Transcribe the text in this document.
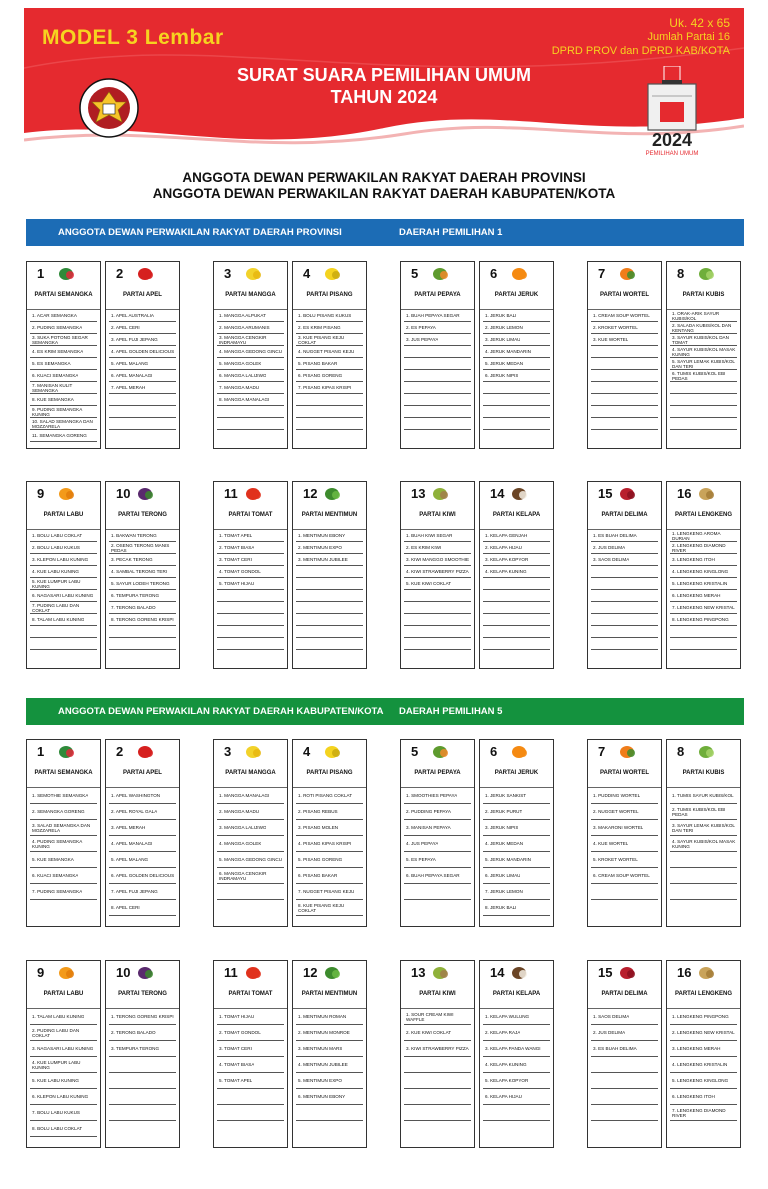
MODEL 3 Lembar
Uk. 42 x 65
Jumlah Partai 16
DPRD PROV dan DPRD KAB/KOTA
SURAT SUARA PEMILIHAN UMUM
TAHUN 2024
2024
PEMILIHAN UMUM
ANGGOTA DEWAN PERWAKILAN RAKYAT DAERAH PROVINSI
ANGGOTA DEWAN PERWAKILAN RAKYAT DAERAH KABUPATEN/KOTA
ANGGOTA DEWAN PERWAKILAN RAKYAT DAERAH PROVINSI	DAERAH PEMILIHAN 1
ANGGOTA DEWAN PERWAKILAN RAKYAT DAERAH KABUPATEN/KOTA DAERAH PEMILIHAN 5
1
PARTAI SEMANGKA
1. ACAR SEMANGKA
2. PUDING SEMANGKA
3. SUKA POTONG SEGAR SEMANGKA
4. ES KRIM SEMANGKA
5. ES SEMANGKA
6. KUACI SEMANGKA
7. MANISAN KULIT SEMANGKA
8. KUE SEMANGKA
9. PUDING SEMANGKA KUNING
10. SALAD SEMANGKA DAN MOZZARELA
11. SEMANGKA GORENG
2
PARTAI APEL
1. APEL AUSTRALIA
2. APEL CERI
3. APEL FUJI JEPANG
4. APEL GOLDEN DELICIOUS
5. APEL MALANG
6. APEL MANALAGI
7. APEL MERAH
3
PARTAI MANGGA
1. MANGGA ALPUKAT
2. MANGGA ARUMANIS
3. MANGGA CENGKIR INDRAMAYU
4. MANGGA GEDONG GINCU
5. MANGGA GOLEK
6. MANGGA LALIJIWO
7. MANGGA MADU
8. MANGGA MANALAGI
4
PARTAI PISANG
1. BOLU PISANG KUKUS
2. ES KRIM PISANG
3. KUE PISANG KEJU COKLAT
4. NUGGET PISANG KEJU
5. PISANG BAKAR
6. PISANG GORENG
7. PISANG KIPAS KRISPI
5
PARTAI PEPAYA
1. BUAH PEPAYA SEGAR
2. ES PEPAYA
3. JUS PEPAYA
6
PARTAI JERUK
1. JERUK BALI
2. JERUK LEMON
3. JERUK LIMAU
4. JERUK MANDARIN
5. JERUK MEDAN
6. JERUK NIPIS
7
PARTAI WORTEL
1. CREAM SOUP WORTEL
2. KROKET WORTEL
3. KUE WORTEL
8
PARTAI KUBIS
1. ORAK-ARIK SAYUR KUBIS/KOL
2. SALADA KUBIS/KOL DAN KENTANG
3. SAYUR KUBIS/KOL DAN TOMAT
4. SAYUR KUBIS/KOL MASAK KUNING
5. SAYUR LEMAK KUBIS/KOL DAN TERI
6. TUMIS KUBIS/KOL EBI PEDAS
9
PARTAI LABU
1. BOLU LABU COKLAT
2. BOLU LABU KUKUS
3. KLEPON LABU KUNING
4. KUE LABU KUNING
5. KUE LUMPUR LABU KUNING
6. NAGASARI LABU KUNING
7. PUDING LABU DAN COKLAT
8. TALAM LABU KUNING
10
PARTAI TERONG
1. BAKWAN TERONG
2. OSENG TERONG MANIS PEDAS
3. PECAK TERONG
4. SAMBAL TERONG TERI
5. SAYUR LODEH TERONG
6. TEMPURA TERONG
7. TERONG BALADO
8. TERONG GORENG KRISPI
11
PARTAI TOMAT
1. TOMAT APEL
2. TOMAT BIASA
3. TOMAT CERI
4. TOMAT GONDOL
5. TOMAT HIJAU
12
PARTAI MENTIMUN
1. MENTIMUN EBONY
2. MENTIMUN EXPO
3. MENTIMUN JUBILEE
13
PARTAI KIWI
1. BUAH KIWI SEGAR
2. ES KRIM KIWI
3. KIWI MANGGO SMOOTHIE
4. KIWI STRAWBERRY PIZZA
5. KUE KIWI COKLAT
14
PARTAI KELAPA
1. KELAPA GENJAH
2. KELAPA HIJAU
3. KELAPA KOPYOR
4. KELAPA KUNING
15
PARTAI DELIMA
1. ES BUAH DELIMA
2. JUS DELIMA
3. SAOS DELIMA
16
PARTAI LENGKENG
1. LENGKENG AROMA DURIAN
2. LENGKENG DIAMOND RIVER
3. LENGKENG ITOH
4. LENGKENG KINGLONG
5. LENGKENG KRISTALIN
6. LENGKENG MERAH
7. LENGKENG NEW KRISTAL
8. LENGKENG PINGPONG
1
PARTAI SEMANGKA
1. SEMOTHIE SEMANGKA
2. SEMANGKA GORENG
3. SALAD SEMANGKA DAN MOZZARELA
4. PUDING SEMANGKA KUNING
5. KUE SEMANGKA
6. KUACI SEMANGKA
7. PUDING SEMANGKA
2
PARTAI APEL
1. APEL WASHINGTON
2. APEL ROYAL GALA
3. APEL MERAH
4. APEL MANALAGI
5. APEL MALANG
6. APEL GOLDEN DELICIOUS
7. APEL FUJI JEPANG
8. APEL CERI
3
PARTAI MANGGA
1. MANGGA MANALAGI
2. MANGGA MADU
3. MANGGA LALIJIWO
4. MANGGA GOLEK
5. MANGGA GEDONG GINCU
6. MANGGA CENGKIR INDRAMAYU
4
PARTAI PISANG
1. ROTI PISANG COKLAT
2. PISANG REBUS
3. PISANG MOLEN
4. PISANG KIPAS KRISPI
5. PISANG GORENG
6. PISANG BAKAR
7. NUGGET PISANG KEJU
8. KUE PISANG KEJU COKLAT
5
PARTAI PEPAYA
1. SMOOTHIES PEPAYA
2. PUDDING PEPAYA
3. MANISAN PEPAYA
4. JUS PEPAYA
5. ES PEPAYA
6. BUAH PEPAYA SEGAR
6
PARTAI JERUK
1. JERUK SANKIST
2. JERUK PURUT
3. JERUK NIPIS
4. JERUK MEDAN
5. JERUK MANDARIN
6. JERUK LIMAU
7. JERUK LEMON
8. JERUK BALI
7
PARTAI WORTEL
1. PUDDING WORTEL
2. NUGGET WORTEL
3. MAKARONI WORTEL
4. KUE WORTEL
5. KROKET WORTEL
6. CREAM SOUP WORTEL
8
PARTAI KUBIS
1. TUMIS SAYUR KUBIS/KOL
2. TUMIS KUBIS/KOL EBI PEDAS
3. SAYUR LEMAK KUBIS/KOL DAN TERI
4. SAYUR KUBIS/KOL MASAK KUNING
9
PARTAI LABU
1. TALAM LABU KUNING
2. PUDING LABU DAN COKLAT
3. NAGASARI LABU KUNING
4. KUE LUMPUR LABU KUNING
5. KUE LABU KUNING
6. KLEPON LABU KUNING
7. BOLU LABU KUKUS
8. BOLU LABU COKLAT
10
PARTAI TERONG
1. TERONG GORENG KRISPI
2. TERONG BALADO
3. TEMPURA TERONG
11
PARTAI TOMAT
1. TOMAT HIJAU
2. TOMAT GONDOL
3. TOMAT CERI
4. TOMAT BIASA
5. TOMAT APEL
12
PARTAI MENTIMUN
1. MENTIMUN ROMAN
2. MENTIMUN MONROE
3. MENTIMUN MARS
4. MENTIMUN JUBILEE
5. MENTIMUN EXPO
6. MENTIMUN EBONY
13
PARTAI KIWI
1. SOUR CREAM KIWI WAFFLE
2. KUE KIWI COKLAT
3. KIWI STRAWBERRY PIZZA
14
PARTAI KELAPA
1. KELAPA WULUNG
2. KELAPA RAJA
3. KELAPA PANDA WANGI
4. KELAPA KUNING
5. KELAPA KOPYOR
6. KELAPA HIJAU
15
PARTAI DELIMA
1. SAOS DELIMA
2. JUS DELIMA
3. ES BUAH DELIMA
16
PARTAI LENGKENG
1. LENGKENG PINGPONG
2. LENGKENG NEW KRISTAL
3. LENGKENG MERAH
4. LENGKENG KRISTALIN
5. LENGKENG KINGLONG
6. LENGKENG ITOH
7. LENGKENG DIAMOND RIVER
